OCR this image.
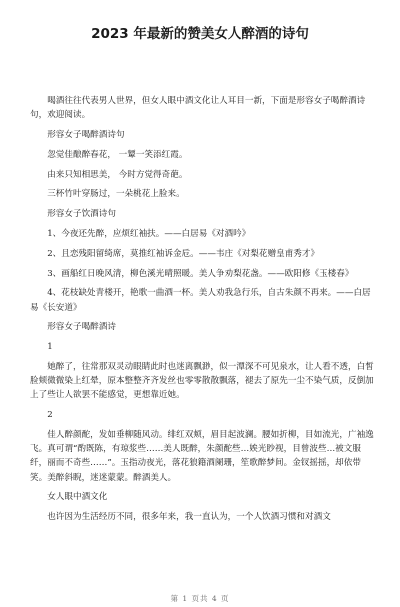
2023 年最新的赞美女人醉酒的诗句

喝酒往往代表男人世界，但女人眼中酒文化让人耳目一新，下面是形容女子喝醉酒诗句，欢迎阅读。

形容女子喝醉酒诗句

忽觉佳酿醉春花， 一颦一笑添红霞。

由来只知相思美， 今时方觉得奇葩。

三杯竹叶穿肠过，一朵桃花上脸来。

形容女子饮酒诗句

1、今夜还先醉，应烦红袖扶。——白居易《对酒吟》

2、且恋残阳留绮席，莫推红袖诉金卮。——韦庄《对梨花赠皇甫秀才》

3、画船红日晚风清，柳色溪光晴照暖。美人争劝梨花盏。——欧阳修《玉楼春》

4、花枝缺处青楼开，艳歌一曲酒一杯。美人劝我急行乐，自古朱颜不再来。——白居易《长安道》

形容女子喝醉酒诗

1

她醉了，往常那双灵动眼睛此时也迷离飘渺，似一潭深不可见泉水，让人看不透，白皙脸颊微微染上红晕，原本整整齐齐发丝也零零散散飘落，褪去了原先一尘不染气质，反倒加上了些让人欲罢不能感觉，更想靠近她。

2

佳人醉颜酡，发如垂柳随风动。绯红双颊，眉目起波澜。腰如折柳，目如流光，广袖逸飞。真可谓“酌既陈，有琼浆些……美人既醉，朱颜酡些…娭光眇视，目曾波些…被文服纤，丽而不奇些……”。玉指动夜光，落花狼籍酒阑珊，笙歌醉梦间。金钗摇摇，却依带笑。美醉斜睨，迷迷蒙蒙。醉酒美人。

女人眼中酒文化

也许因为生活经历不同，很多年来，我一直认为，一个人饮酒习惯和对酒文

第 1 页共 4 页
